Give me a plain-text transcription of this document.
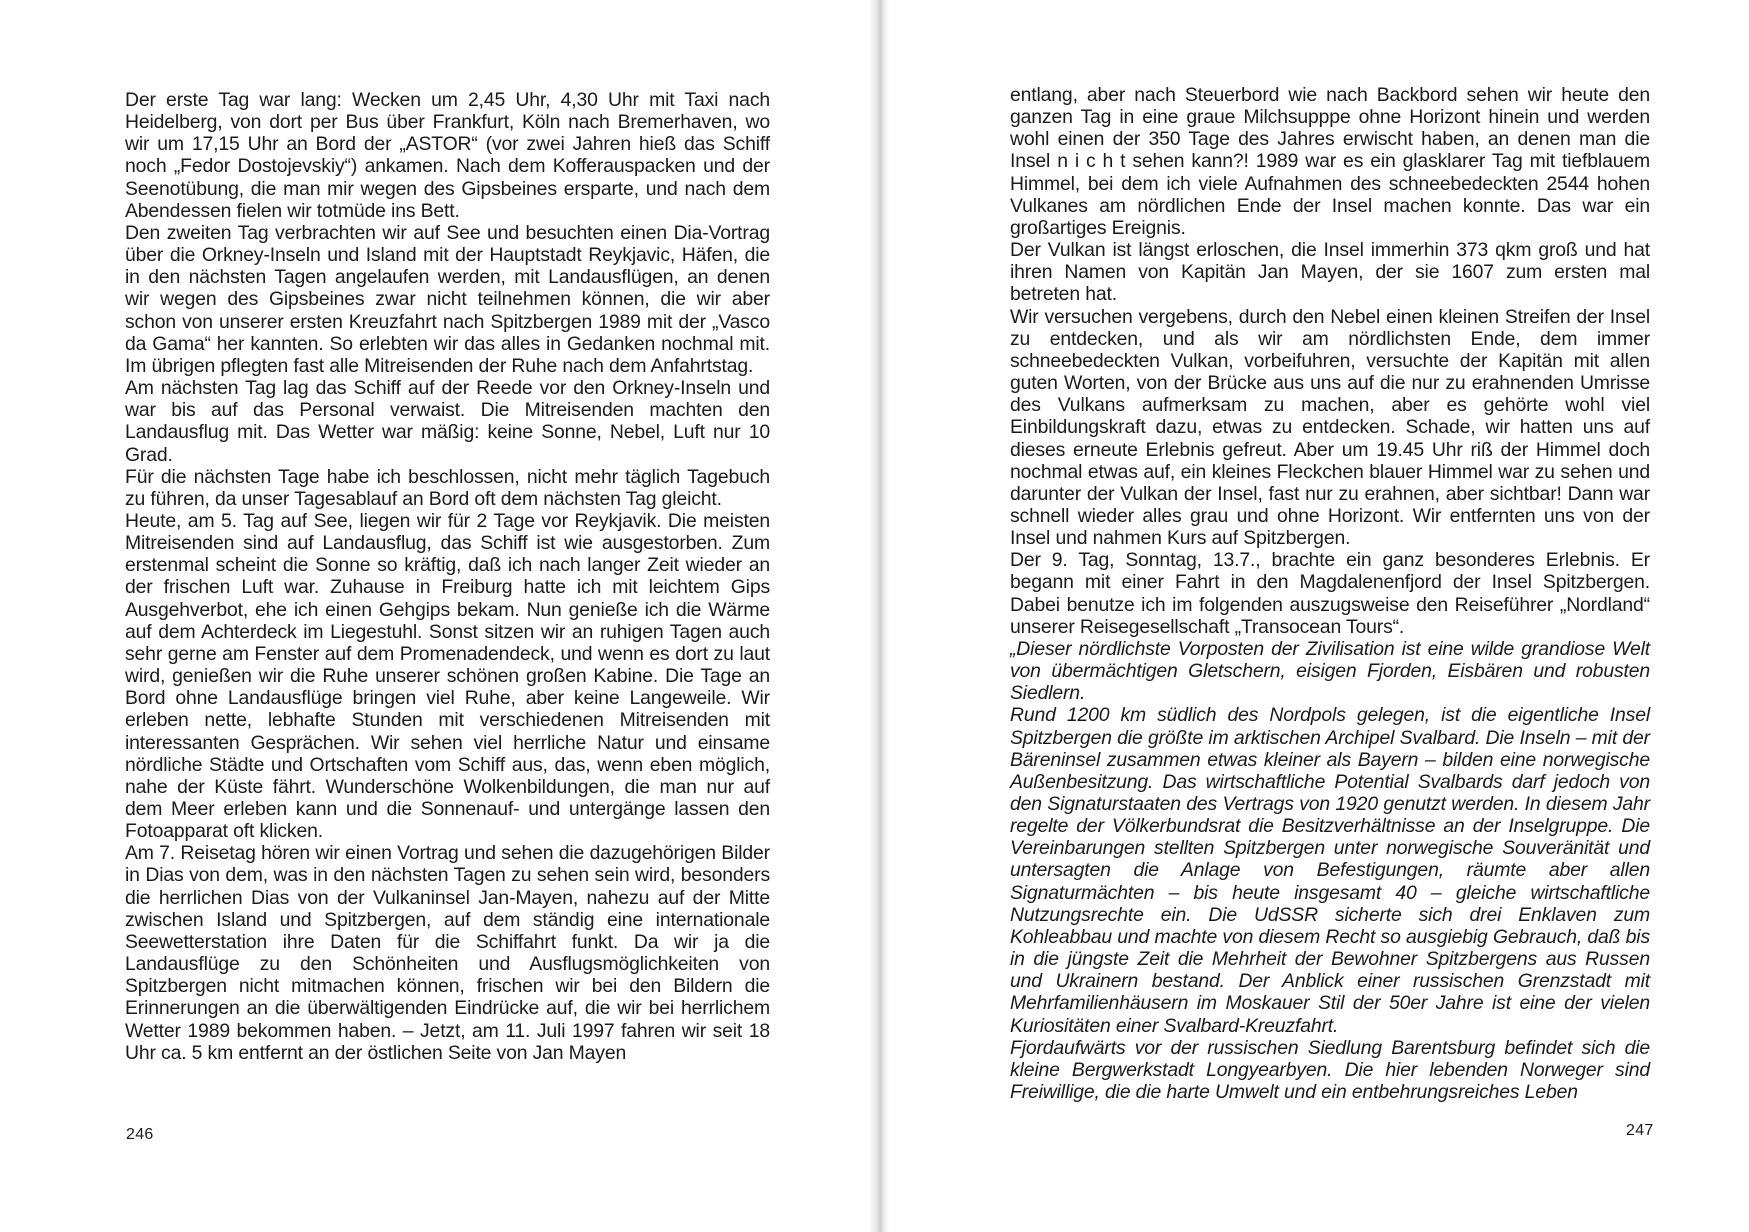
Der erste Tag war lang: Wecken um 2,45 Uhr, 4,30 Uhr mit Taxi nach Heidelberg, von dort per Bus über Frankfurt, Köln nach Bremerhaven, wo wir um 17,15 Uhr an Bord der „ASTOR“ (vor zwei Jahren hieß das Schiff noch „Fedor Dostojevskiy“) ankamen. Nach dem Kofferauspacken und der Seenotübung, die man mir wegen des Gipsbeines ersparte, und nach dem Abendessen fielen wir totmüde ins Bett.

Den zweiten Tag verbrachten wir auf See und besuchten einen Dia-Vortrag über die Orkney-Inseln und Island mit der Hauptstadt Reykjavic, Häfen, die in den nächsten Tagen angelaufen werden, mit Landausflügen, an denen wir wegen des Gipsbeines zwar nicht teilnehmen können, die wir aber schon von unserer ersten Kreuzfahrt nach Spitzbergen 1989 mit der „Vasco da Gama“ her kannten. So erlebten wir das alles in Gedanken nochmal mit. Im übrigen pflegten fast alle Mitreisenden der Ruhe nach dem Anfahrtstag.

Am nächsten Tag lag das Schiff auf der Reede vor den Orkney-Inseln und war bis auf das Personal verwaist. Die Mitreisenden machten den Landausflug mit. Das Wetter war mäßig: keine Sonne, Nebel, Luft nur 10 Grad.

Für die nächsten Tage habe ich beschlossen, nicht mehr täglich Tagebuch zu führen, da unser Tagesablauf an Bord oft dem nächsten Tag gleicht.

Heute, am 5. Tag auf See, liegen wir für 2 Tage vor Reykjavik. Die meisten Mitreisenden sind auf Landausflug, das Schiff ist wie ausgestorben. Zum erstenmal scheint die Sonne so kräftig, daß ich nach langer Zeit wieder an der frischen Luft war. Zuhause in Freiburg hatte ich mit leichtem Gips Ausgehverbot, ehe ich einen Gehgips bekam. Nun genieße ich die Wärme auf dem Achterdeck im Liegestuhl. Sonst sitzen wir an ruhigen Tagen auch sehr gerne am Fenster auf dem Promenadendeck, und wenn es dort zu laut wird, genießen wir die Ruhe unserer schönen großen Kabine. Die Tage an Bord ohne Landausflüge bringen viel Ruhe, aber keine Langeweile. Wir erleben nette, lebhafte Stunden mit verschiedenen Mitreisenden mit interessanten Gesprächen. Wir sehen viel herrliche Natur und einsame nördliche Städte und Ortschaften vom Schiff aus, das, wenn eben möglich, nahe der Küste fährt. Wunderschöne Wolkenbildungen, die man nur auf dem Meer erleben kann und die Sonnenauf- und untergänge lassen den Fotoapparat oft klicken.

Am 7. Reisetag hören wir einen Vortrag und sehen die dazugehörigen Bilder in Dias von dem, was in den nächsten Tagen zu sehen sein wird, besonders die herrlichen Dias von der Vulkaninsel Jan-Mayen, nahezu auf der Mitte zwischen Island und Spitzbergen, auf dem ständig eine internationale Seewetterstation ihre Daten für die Schiffahrt funkt. Da wir ja die Landausflüge zu den Schönheiten und Ausflugsmöglichkeiten von Spitzbergen nicht mitmachen können, frischen wir bei den Bildern die Erinnerungen an die überwältigenden Eindrücke auf, die wir bei herrlichem Wetter 1989 bekommen haben. – Jetzt, am 11. Juli 1997 fahren wir seit 18 Uhr ca. 5 km entfernt an der östlichen Seite von Jan Mayen

246

entlang, aber nach Steuerbord wie nach Backbord sehen wir heute den ganzen Tag in eine graue Milchsupppe ohne Horizont hinein und werden wohl einen der 350 Tage des Jahres erwischt haben, an denen man die Insel n i c h t sehen kann?! 1989 war es ein glasklarer Tag mit tiefblauem Himmel, bei dem ich viele Aufnahmen des schneebedeckten 2544 hohen Vulkanes am nördlichen Ende der Insel machen konnte. Das war ein großartiges Ereignis.

Der Vulkan ist längst erloschen, die Insel immerhin 373 qkm groß und hat ihren Namen von Kapitän Jan Mayen, der sie 1607 zum ersten mal betreten hat.

Wir versuchen vergebens, durch den Nebel einen kleinen Streifen der Insel zu entdecken, und als wir am nördlichsten Ende, dem immer schneebedeckten Vulkan, vorbeifuhren, versuchte der Kapitän mit allen guten Worten, von der Brücke aus uns auf die nur zu erahnenden Umrisse des Vulkans aufmerksam zu machen, aber es gehörte wohl viel Einbildungskraft dazu, etwas zu entdecken. Schade, wir hatten uns auf dieses erneute Erlebnis gefreut. Aber um 19.45 Uhr riß der Himmel doch nochmal etwas auf, ein kleines Fleckchen blauer Himmel war zu sehen und darunter der Vulkan der Insel, fast nur zu erahnen, aber sichtbar! Dann war schnell wieder alles grau und ohne Horizont. Wir entfernten uns von der Insel und nahmen Kurs auf Spitzbergen.

Der 9. Tag, Sonntag, 13.7., brachte ein ganz besonderes Erlebnis. Er begann mit einer Fahrt in den Magdalenenfjord der Insel Spitzbergen. Dabei benutze ich im folgenden auszugsweise den Reiseführer „Nordland“ unserer Reisegesellschaft „Transocean Tours“.

„Dieser nördlichste Vorposten der Zivilisation ist eine wilde grandiose Welt von übermächtigen Gletschern, eisigen Fjorden, Eisbären und robusten Siedlern.

Rund 1200 km südlich des Nordpols gelegen, ist die eigentliche Insel Spitzbergen die größte im arktischen Archipel Svalbard. Die Inseln – mit der Bäreninsel zusammen etwas kleiner als Bayern – bilden eine norwegische Außenbesitzung. Das wirtschaftliche Potential Svalbards darf jedoch von den Signaturstaaten des Vertrags von 1920 genutzt werden. In diesem Jahr regelte der Völkerbundsrat die Besitzverhältnisse an der Inselgruppe. Die Vereinbarungen stellten Spitzbergen unter norwegische Souveränität und untersagten die Anlage von Befestigungen, räumte aber allen Signaturmächten – bis heute insgesamt 40 – gleiche wirtschaftliche Nutzungsrechte ein. Die UdSSR sicherte sich drei Enklaven zum Kohleabbau und machte von diesem Recht so ausgiebig Gebrauch, daß bis in die jüngste Zeit die Mehrheit der Bewohner Spitzbergens aus Russen und Ukrainern bestand. Der Anblick einer russischen Grenzstadt mit Mehrfamilienhäusern im Moskauer Stil der 50er Jahre ist eine der vielen Kuriositäten einer Svalbard-Kreuzfahrt.

Fjordaufwärts vor der russischen Siedlung Barentsburg befindet sich die kleine Bergwerkstadt Longyearbyen. Die hier lebenden Norweger sind Freiwillige, die die harte Umwelt und ein entbehrungsreiches Leben

247
